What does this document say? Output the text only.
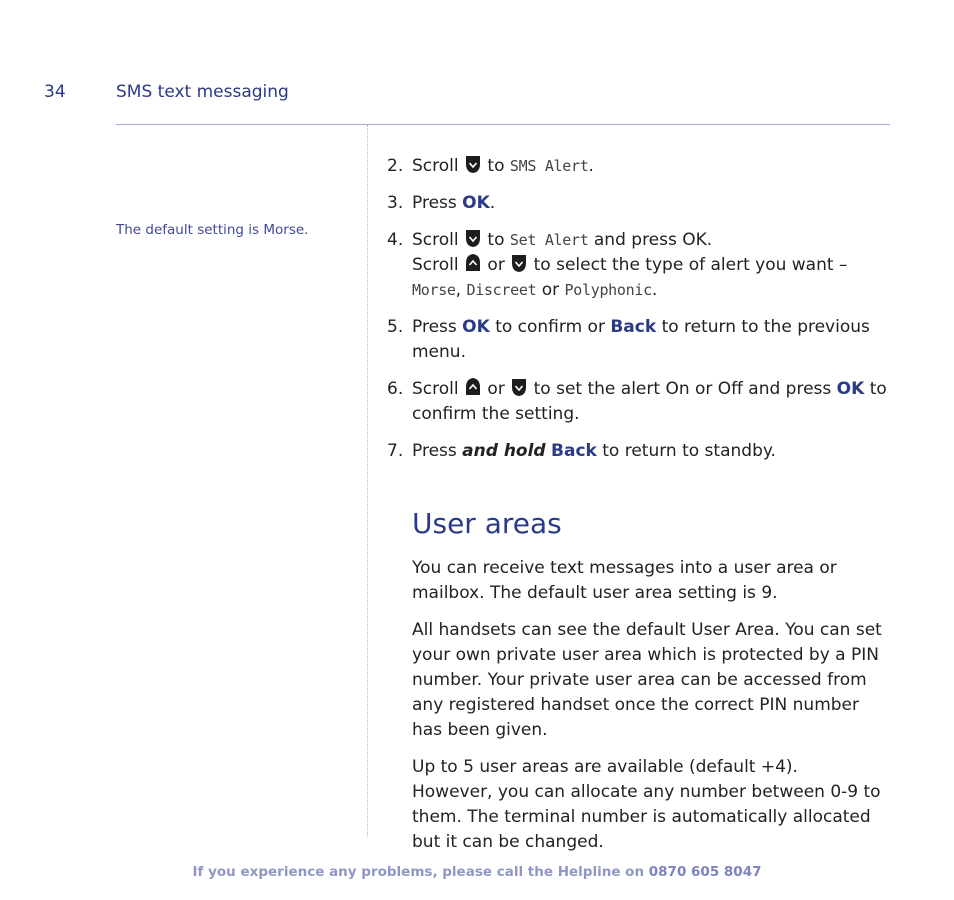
34	SMS text messaging
The default setting is Morse.
2. Scroll to SMS Alert.
3. Press OK.
4. Scroll to Set Alert and press OK.
Scroll or to select the type of alert you want –
Morse, Discreet or Polyphonic.
5. Press OK to confirm or Back to return to the previous menu.
6. Scroll or to set the alert On or Off and press OK to confirm the setting.
7. Press and hold Back to return to standby.
User areas

You can receive text messages into a user area or mailbox. The default user area setting is 9.

All handsets can see the default User Area. You can set your own private user area which is protected by a PIN number. Your private user area can be accessed from any registered handset once the correct PIN number has been given.

Up to 5 user areas are available (default +4). However, you can allocate any number between 0-9 to them. The terminal number is automatically allocated but it can be changed.

If you experience any problems, please call the Helpline on 0870 605 8047
